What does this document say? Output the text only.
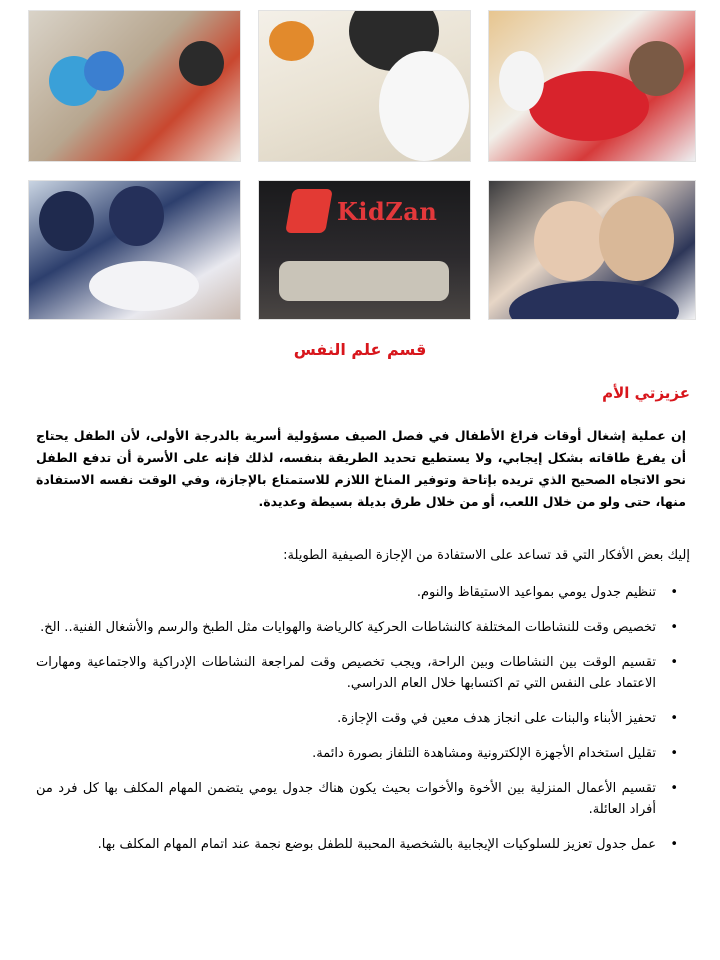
KidZan
قسم علم النفس
عزيزتي الأم

إن عملية إشغال أوقات فراغ الأطفال في فصل الصيف مسؤولية أسرية بالدرجة الأولى، لأن الطفل يحتاج أن يفرغ طاقاته بشكل إيجابي، ولا يستطيع تحديد الطريقة بنفسه، لذلك فإنه على الأسرة أن تدفع الطفل نحو الاتجاه الصحيح الذي تريده بإتاحة وتوفير المناخ اللازم للاستمتاع بالإجازة، وفي الوقت نفسه الاستفادة منها، حتى ولو من خلال اللعب، أو من خلال طرق بديلة بسيطة وعديدة.

إليك بعض الأفكار التي قد تساعد على الاستفادة من الإجازة الصيفية الطويلة:

•
تنظيم جدول يومي بمواعيد الاستيقاظ والنوم.
•
تخصيص وقت للنشاطات المختلفة كالنشاطات الحركية كالرياضة والهوايات مثل الطبخ والرسم والأشغال الفنية.. الخ.
•
تقسيم الوقت بين النشاطات وبين الراحة، ويجب تخصيص وقت لمراجعة النشاطات الإدراكية والاجتماعية ومهارات الاعتماد على النفس التي تم اكتسابها خلال العام الدراسي.
•
تحفيز الأبناء والبنات على انجاز هدف معين في وقت الإجازة.
•
تقليل استخدام الأجهزة الإلكترونية ومشاهدة التلفاز بصورة دائمة.
•
تقسيم الأعمال المنزلية بين الأخوة والأخوات بحيث يكون هناك جدول يومي يتضمن المهام المكلف بها كل فرد من أفراد العائلة.
•
عمل جدول تعزيز للسلوكيات الإيجابية بالشخصية المحببة للطفل بوضع نجمة عند اتمام المهام المكلف بها.
